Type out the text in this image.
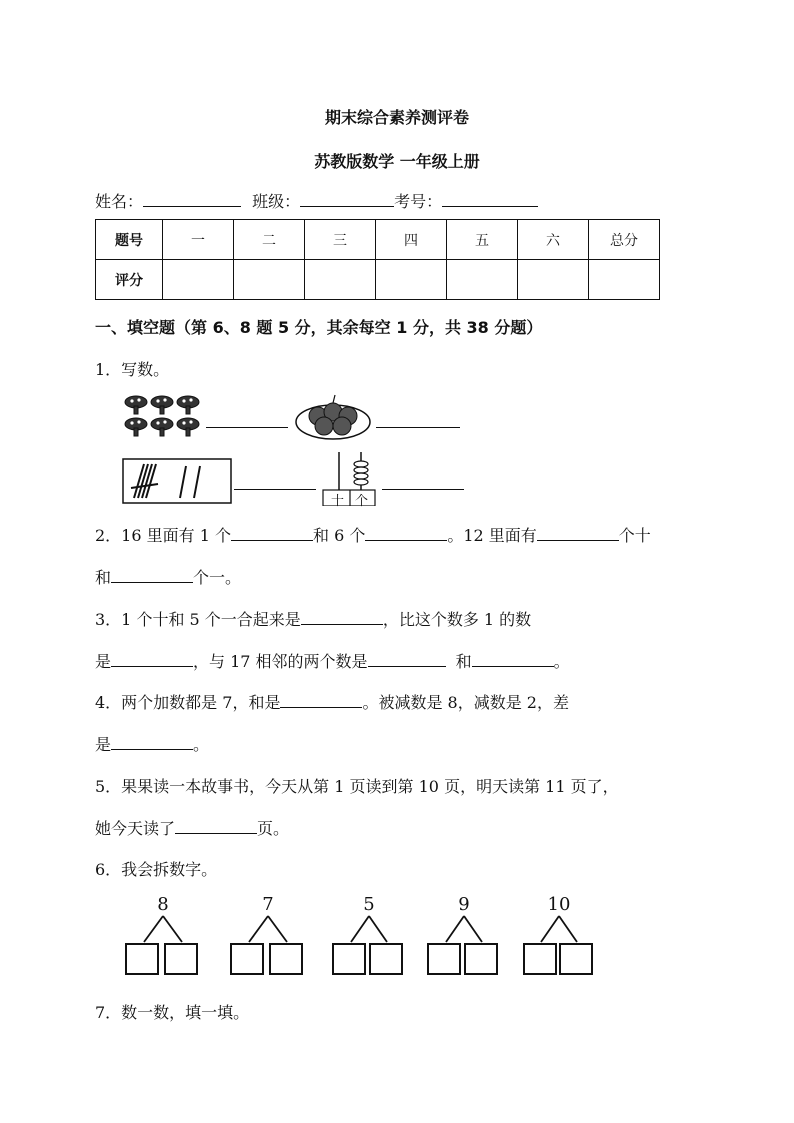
期末综合素养测评卷
苏教版数学 一年级上册
姓名：	班级：	考号：
题号	一	二	三	四	五	六	总分
评分							
一、填空题（第 6、8 题 5 分，其余每空 1 分，共 38 分题）
1．写数。
十 个
2．16 里面有 1 个	和 6 个	。12 里面有	个十
和	个一。
3．1 个十和 5 个一合起来是	，比这个数多 1 的数
是	，与 17 相邻的两个数是	和	。
4．两个加数都是 7，和是	。被减数是 8，减数是 2，差
是	。
5．果果读一本故事书，今天从第 1 页读到第 10 页，明天读第 11 页了，
她今天读了	页。
6．我会拆数字。
8	7	5	9	10
7．数一数，填一填。
